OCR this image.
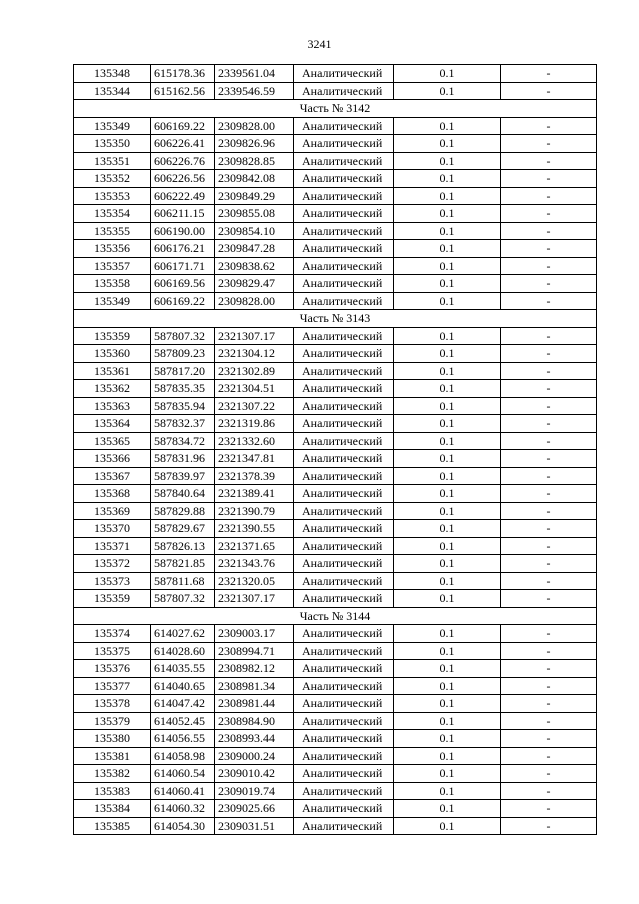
3241
135348	615178.36	2339561.04	Аналитический	0.1	-
135344	615162.56	2339546.59	Аналитический	0.1	-
Часть № 3142					
135349	606169.22	2309828.00	Аналитический	0.1	-
135350	606226.41	2309826.96	Аналитический	0.1	-
135351	606226.76	2309828.85	Аналитический	0.1	-
135352	606226.56	2309842.08	Аналитический	0.1	-
135353	606222.49	2309849.29	Аналитический	0.1	-
135354	606211.15	2309855.08	Аналитический	0.1	-
135355	606190.00	2309854.10	Аналитический	0.1	-
135356	606176.21	2309847.28	Аналитический	0.1	-
135357	606171.71	2309838.62	Аналитический	0.1	-
135358	606169.56	2309829.47	Аналитический	0.1	-
135349	606169.22	2309828.00	Аналитический	0.1	-
Часть № 3143					
135359	587807.32	2321307.17	Аналитический	0.1	-
135360	587809.23	2321304.12	Аналитический	0.1	-
135361	587817.20	2321302.89	Аналитический	0.1	-
135362	587835.35	2321304.51	Аналитический	0.1	-
135363	587835.94	2321307.22	Аналитический	0.1	-
135364	587832.37	2321319.86	Аналитический	0.1	-
135365	587834.72	2321332.60	Аналитический	0.1	-
135366	587831.96	2321347.81	Аналитический	0.1	-
135367	587839.97	2321378.39	Аналитический	0.1	-
135368	587840.64	2321389.41	Аналитический	0.1	-
135369	587829.88	2321390.79	Аналитический	0.1	-
135370	587829.67	2321390.55	Аналитический	0.1	-
135371	587826.13	2321371.65	Аналитический	0.1	-
135372	587821.85	2321343.76	Аналитический	0.1	-
135373	587811.68	2321320.05	Аналитический	0.1	-
135359	587807.32	2321307.17	Аналитический	0.1	-
Часть № 3144					
135374	614027.62	2309003.17	Аналитический	0.1	-
135375	614028.60	2308994.71	Аналитический	0.1	-
135376	614035.55	2308982.12	Аналитический	0.1	-
135377	614040.65	2308981.34	Аналитический	0.1	-
135378	614047.42	2308981.44	Аналитический	0.1	-
135379	614052.45	2308984.90	Аналитический	0.1	-
135380	614056.55	2308993.44	Аналитический	0.1	-
135381	614058.98	2309000.24	Аналитический	0.1	-
135382	614060.54	2309010.42	Аналитический	0.1	-
135383	614060.41	2309019.74	Аналитический	0.1	-
135384	614060.32	2309025.66	Аналитический	0.1	-
135385	614054.30	2309031.51	Аналитический	0.1	-
